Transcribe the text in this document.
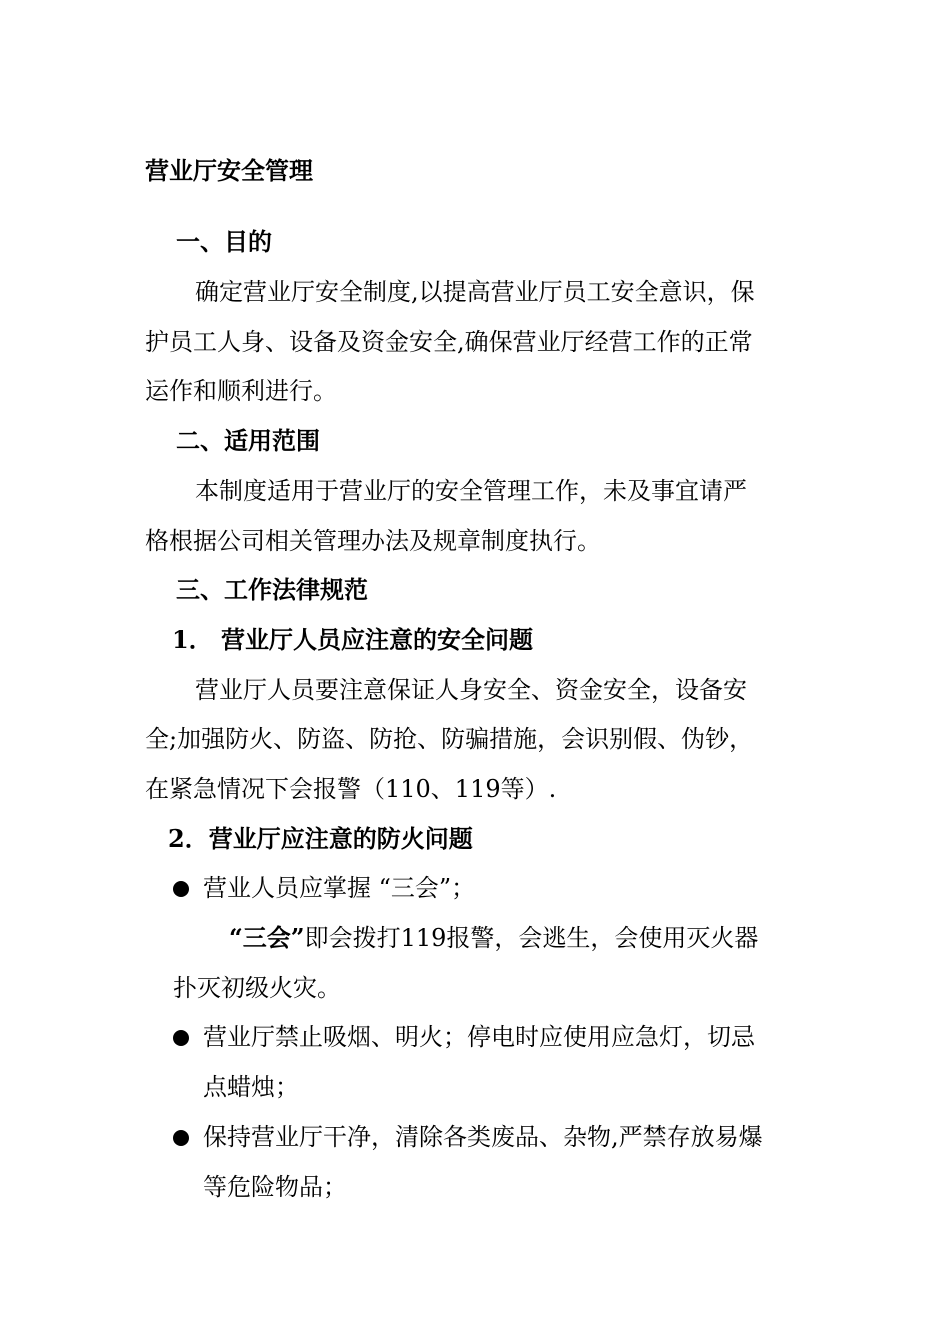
营业厅安全管理
一、目的
确定营业厅安全制度,以提高营业厅员工安全意识，保
护员工人身、设备及资金安全,确保营业厅经营工作的正常
运作和顺利进行。
二、适用范围
本制度适用于营业厅的安全管理工作，未及事宜请严
格根据公司相关管理办法及规章制度执行。
三、工作法律规范
1． 营业厅人员应注意的安全问题
营业厅人员要注意保证人身安全、资金安全，设备安
全;加强防火、防盗、防抢、防骗措施，会识别假、伪钞，
在紧急情况下会报警（110、119等）.
2．营业厅应注意的防火问题
营业人员应掌握 “三会”；
“三会”即会拨打119报警，会逃生，会使用灭火器
扑灭初级火灾。
营业厅禁止吸烟、明火；停电时应使用应急灯，切忌
点蜡烛；
保持营业厅干净，清除各类废品、杂物,严禁存放易爆
等危险物品；
